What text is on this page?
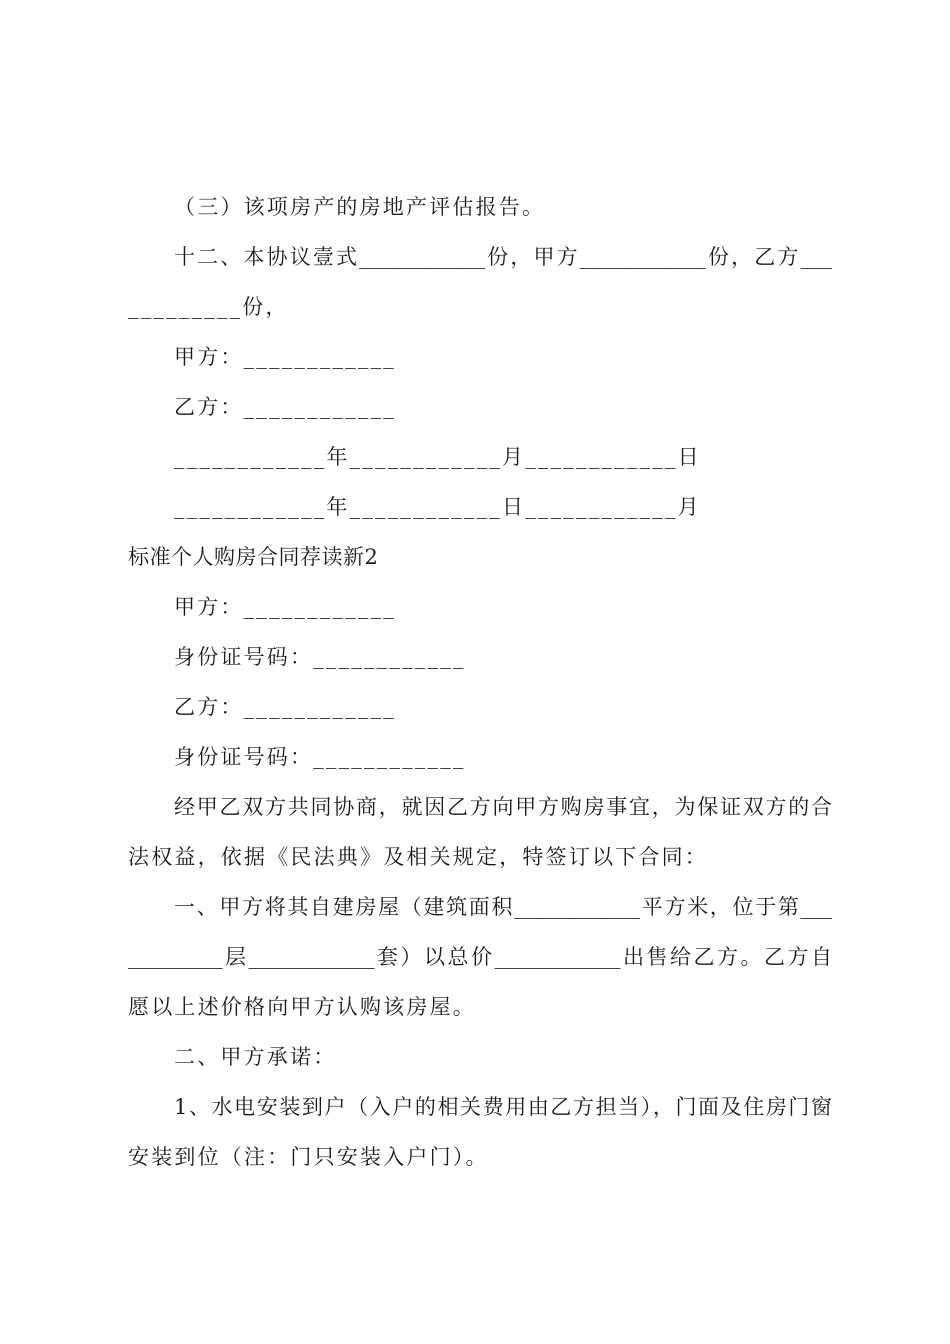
（三）该项房产的房地产评估报告。
十二、本协议壹式____________份，甲方____________份，乙方___
_________份，
甲方：____________
乙方：____________
____________年____________月____________日
____________年____________日____________月
标准个人购房合同荐读新2
甲方：____________
身份证号码：____________
乙方：____________
身份证号码：____________
经甲乙双方共同协商，就因乙方向甲方购房事宜，为保证双方的合
法权益，依据《民法典》及相关规定，特签订以下合同：
一、甲方将其自建房屋（建筑面积____________平方米，位于第___
_________层____________套）以总价____________出售给乙方。乙方自
愿以上述价格向甲方认购该房屋。
二、甲方承诺：
1、水电安装到户（入户的相关费用由乙方担当），门面及住房门窗
安装到位（注：门只安装入户门）。
